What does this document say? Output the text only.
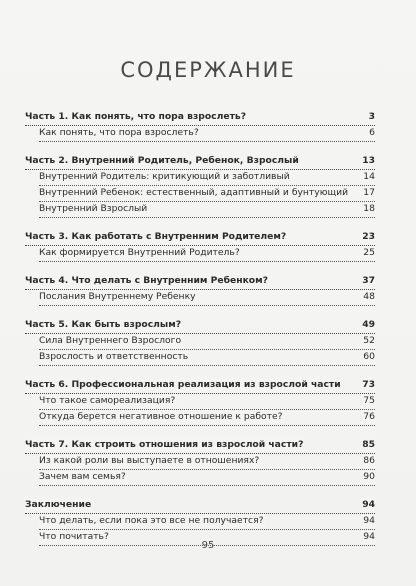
СОДЕРЖАНИЕ
Часть 1. Как понять, что пора взрослеть?	3
Как понять, что пора взрослеть?	6
Часть 2. Внутренний Родитель, Ребенок, Взрослый	13
Внутренний Родитель: критикующий и заботливый	14
Внутренний Ребенок: естественный, адаптивный и бунтующий 17
Внутренний Взрослый	18
Часть 3. Как работать с Внутренним Родителем?	23
Как формируется Внутренний Родитель?	25
Часть 4. Что делать с Внутренним Ребенком?	37
Послания Внутреннему Ребенку	48
Часть 5. Как быть взрослым?	49
Сила Внутреннего Взрослого	52
Взрослость и ответственность	60
Часть 6. Профессиональная реализация из взрослой части 73
Что такое самореализация?	75
Откуда берется негативное отношение к работе?	76
Часть 7. Как строить отношения из взрослой части?	85
Из какой роли вы выступаете в отношениях?	86
Зачем вам семья?	90
Заключение	94
Что делать, если пока это все не получается?	94
Что почитать?	94
95
